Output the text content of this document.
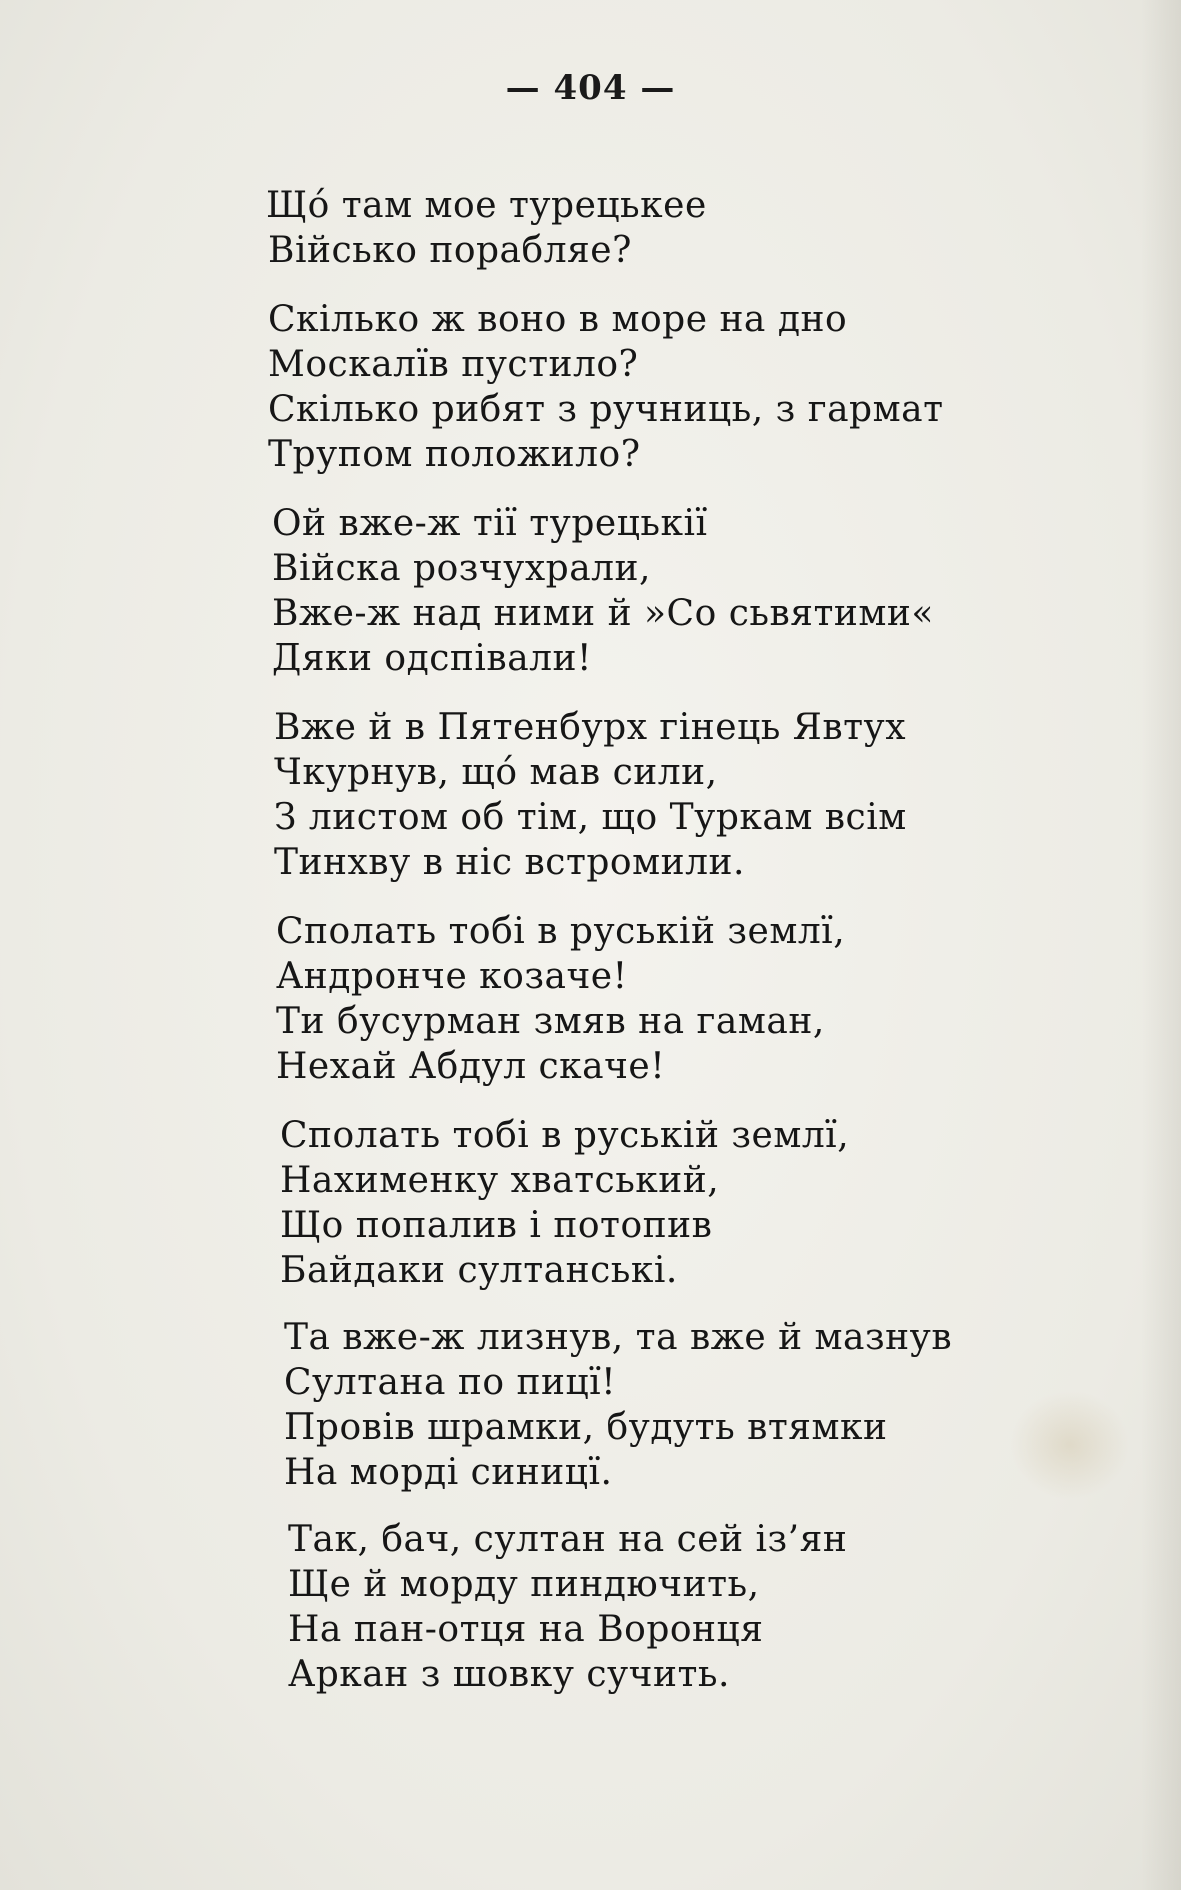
— 404 —
Щó там мое турецькее
Військo порабляе?
Скілько ж воно в море на дно
Москалїв пустило?
Скілько рибят з ручниць, з гармат
Трупом положило?
Ой вже-ж тії турецькії
Війска розчухрали,
Вже-ж над ними й »Со сьвятими«
Дяки одспівали!
Вже й в Пятенбурх гінець Явтух
Чкурнув, щó мав сили,
З листом об тім, що Туркам всім
Тинхву в ніс встромили.
Сполать тобі в руській землї,
Андронче козаче!
Ти бусурман змяв на гаман,
Нехай Абдул скаче!
Сполать тобі в руській землї,
Нахименку хватський,
Що попалив і потопив
Байдаки султанські.
Та вже-ж лизнув, та вже й мазнув
Султана по пицї!
Провів шрамки, будуть втямки
На морді синицї.
Так, бач, султан на сей із’ян
Ще й морду пиндючить,
На пан-отця на Воронця
Аркан з шовку сучить.
